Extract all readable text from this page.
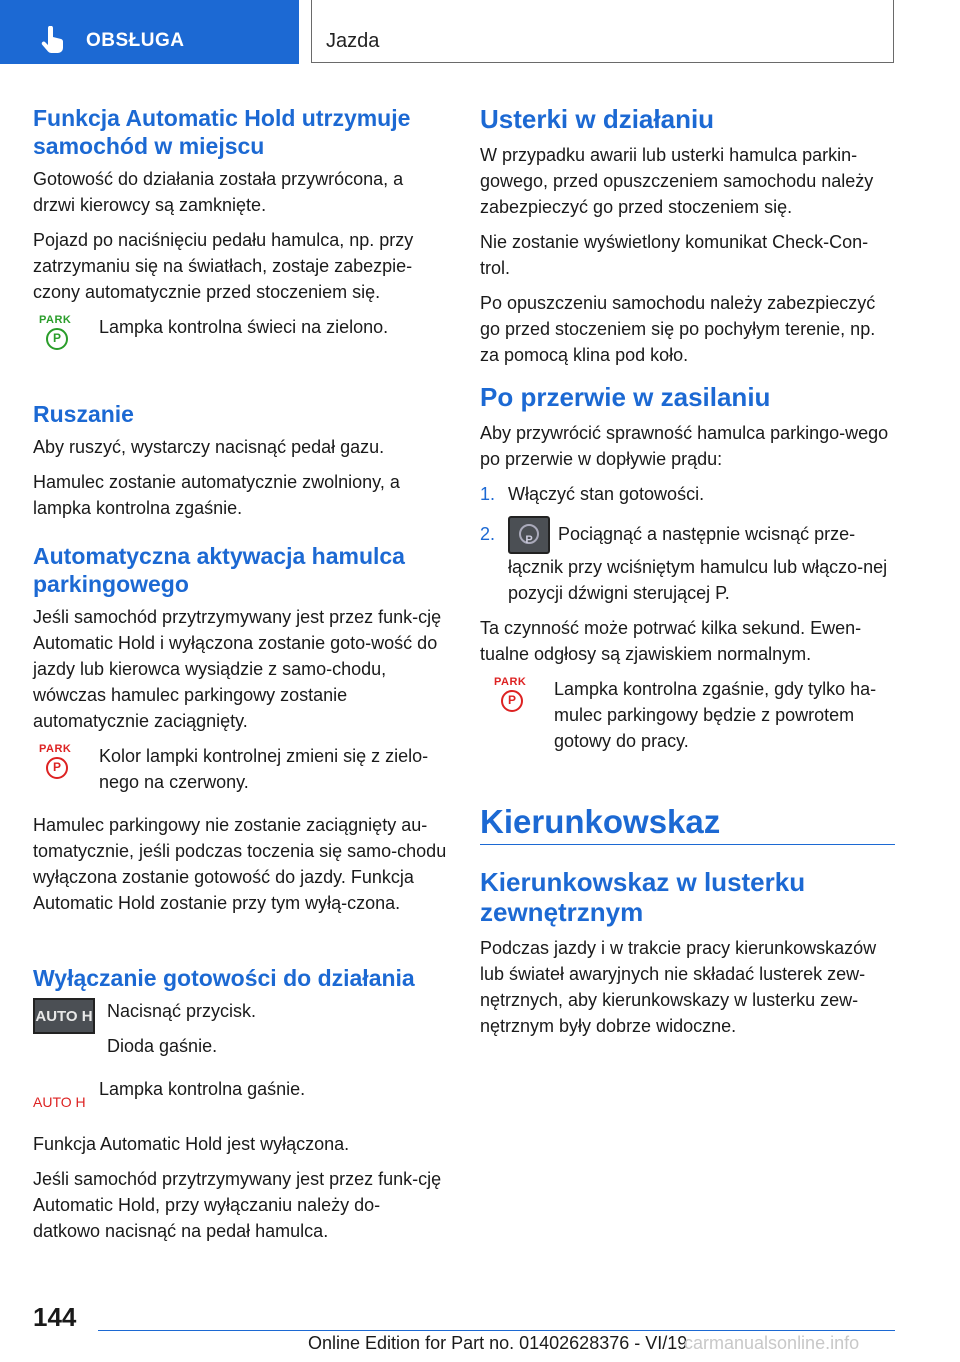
OBSŁUGA	Jazda
Funkcja Automatic Hold utrzymuje samochód w miejscu

Gotowość do działania została przywrócona, a drzwi kierowcy są zamknięte.

Pojazd po naciśnięciu pedału hamulca, np. przy zatrzymaniu się na światłach, zostaje zabezpie-czony automatycznie przed stoczeniem się.

PARK
P

Lampka kontrolna świeci na zielono.

Ruszanie

Aby ruszyć, wystarczy nacisnąć pedał gazu.

Hamulec zostanie automatycznie zwolniony, a lampka kontrolna zgaśnie.

Automatyczna aktywacja hamulca parkingowego

Jeśli samochód przytrzymywany jest przez funk-cję Automatic Hold i wyłączona zostanie goto-wość do jazdy lub kierowca wysiądzie z samo-chodu, wówczas hamulec parkingowy zostanie automatycznie zaciągnięty.

PARK
P

Kolor lampki kontrolnej zmieni się z zielo-nego na czerwony.

Hamulec parkingowy nie zostanie zaciągnięty au-tomatycznie, jeśli podczas toczenia się samo-chodu wyłączona zostanie gotowość do jazdy. Funkcja Automatic Hold zostanie przy tym wyłą-czona.

Wyłączanie gotowości do działania
AUTO H Nacisnąć przycisk.

Dioda gaśnie.

AUTO H

Lampka kontrolna gaśnie.

Funkcja Automatic Hold jest wyłączona.

Jeśli samochód przytrzymywany jest przez funk-cję Automatic Hold, przy wyłączaniu należy do-datkowo nacisnąć na pedał hamulca.

Usterki w działaniu

W przypadku awarii lub usterki hamulca parkin-gowego, przed opuszczeniem samochodu należy zabezpieczyć go przed stoczeniem się.

Nie zostanie wyświetlony komunikat Check-Con-trol.

Po opuszczeniu samochodu należy zabezpieczyć go przed stoczeniem się po pochyłym terenie, np. za pomocą klina pod koło.

Po przerwie w zasilaniu

Aby przywrócić sprawność hamulca parkingo-wego po przerwie w dopływie prądu:

1. Włączyć stan gotowości.

2.	P Pociągnąć a następnie wcisnąć prze-
łącznik przy wciśniętym hamulcu lub włączo-nej pozycji dźwigni sterującej P.

Ta czynność może potrwać kilka sekund. Ewen-tualne odgłosy są zjawiskiem normalnym.

PARK
P

Lampka kontrolna zgaśnie, gdy tylko ha-mulec parkingowy będzie z powrotem gotowy do pracy.

Kierunkowskaz
Kierunkowskaz w lusterku zewnętrznym

Podczas jazdy i w trakcie pracy kierunkowskazów lub świateł awaryjnych nie składać lusterek zew-nętrznych, aby kierunkowskazy w lusterku zew-nętrznym były dobrze widoczne.

144
Online Edition for Part no. 01402628376 - VI/19
carmanualsonline.info
